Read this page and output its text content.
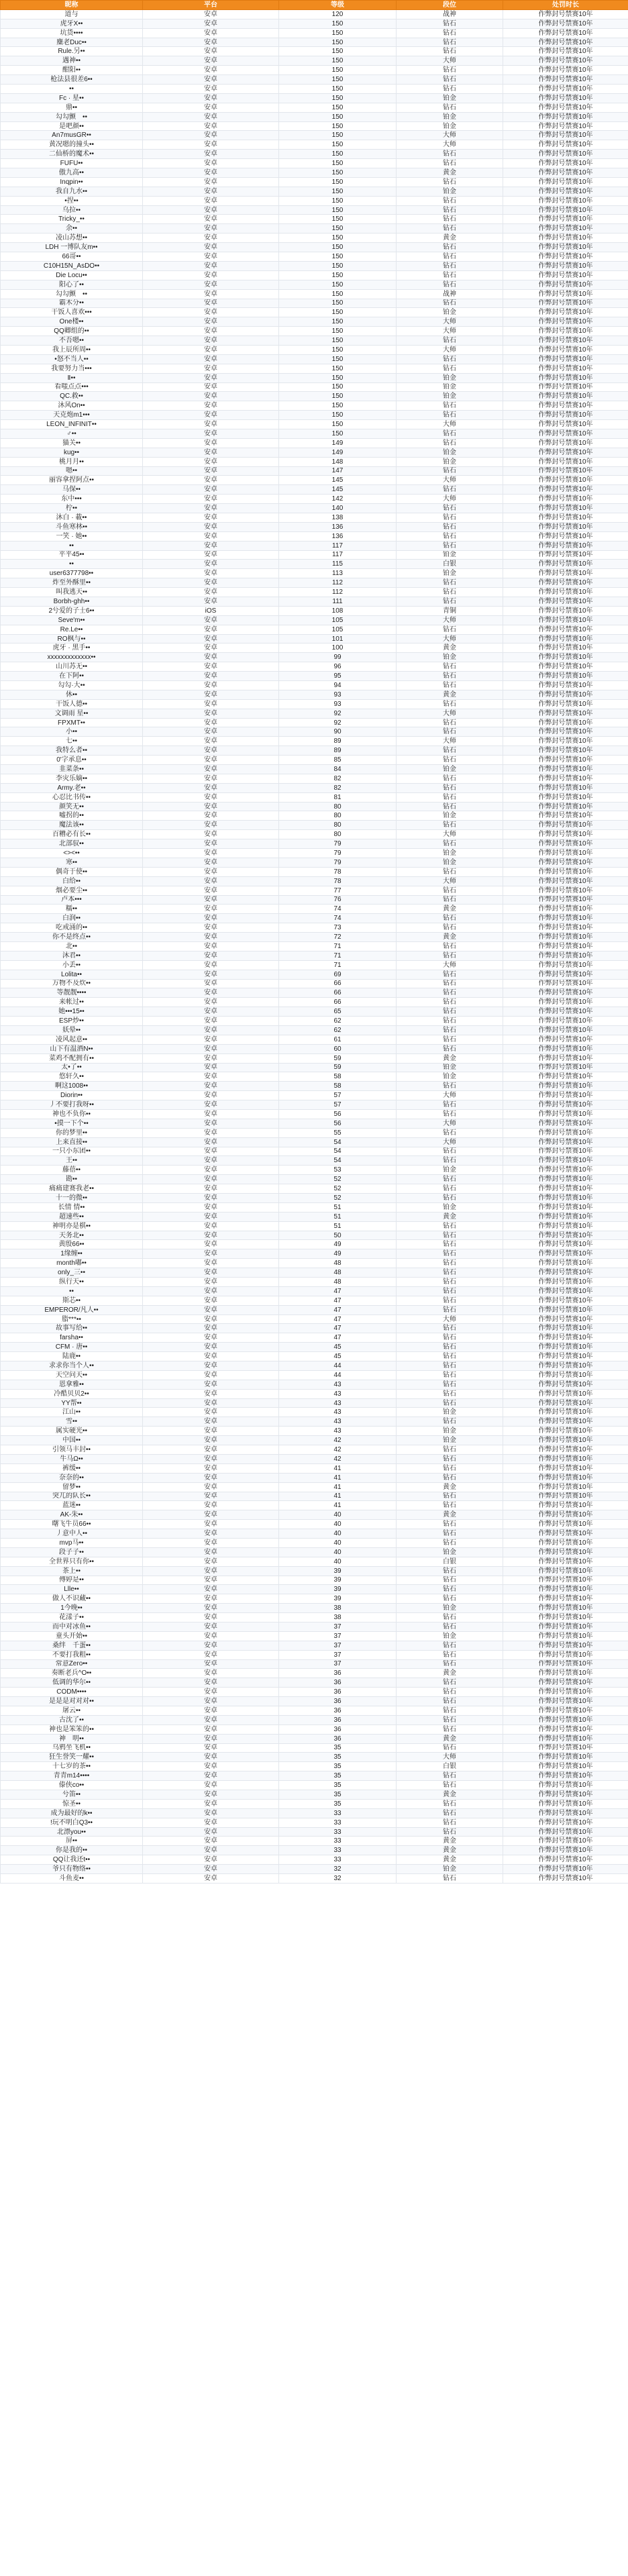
昵称	平台	等级	段位	处罚时长
道与	安卓	120	战神	作弊封号禁赛10年
虎牙X••	安卓	150	钻石	作弊封号禁赛10年
坑货••••	安卓	150	钻石	作弊封号禁赛10年
麋老Duc••	安卓	150	钻石	作弊封号禁赛10年
Rule.另••	安卓	150	钻石	作弊封号禁赛10年
遇神••	安卓	150	大师	作弊封号禁赛10年
酣阳••	安卓	150	钻石	作弊封号禁赛10年
枪法县很差6••	安卓	150	钻石	作弊封号禁赛10年
••	安卓	150	钻石	作弊封号禁赛10年
Fc · 星••	安卓	150	铂金	作弊封号禁赛10年
鼎••	安卓	150	钻石	作弊封号禁赛10年
勾勾颤　••	安卓	150	铂金	作弊封号禁赛10年
是吧颜••	安卓	150	铂金	作弊封号禁赛10年
An7musGR••	安卓	150	大师	作弊封号禁赛10年
黄况嗯的撞头••	安卓	150	大师	作弊封号禁赛10年
二仙桥的魔术••	安卓	150	钻石	作弊封号禁赛10年
FUFU••	安卓	150	钻石	作弊封号禁赛10年
傲九高••	安卓	150	黄金	作弊封号禁赛10年
Inqpin••	安卓	150	钻石	作弊封号禁赛10年
我自九水••	安卓	150	铂金	作弊封号禁赛10年
•捏••	安卓	150	钻石	作弊封号禁赛10年
乌拉••	安卓	150	钻石	作弊封号禁赛10年
Tricky_••	安卓	150	钻石	作弊封号禁赛10年
余••	安卓	150	钻石	作弊封号禁赛10年
凌山苏想••	安卓	150	黄金	作弊封号禁赛10年
LDH 一博队友m••	安卓	150	钻石	作弊封号禁赛10年
66哥••	安卓	150	钻石	作弊封号禁赛10年
C10H15N_AsDO••	安卓	150	钻石	作弊封号禁赛10年
Die Locu••	安卓	150	钻石	作弊封号禁赛10年
阳心了••	安卓	150	钻石	作弊封号禁赛10年
勾勾颤　••	安卓	150	战神	作弊封号禁赛10年
霸木分••	安卓	150	钻石	作弊封号禁赛10年
干饭人喜欢•••	安卓	150	铂金	作弊封号禁赛10年
One楼••	安卓	150	大师	作弊封号禁赛10年
QQ卿组的••	安卓	150	大师	作弊封号禁赛10年
不吾嗯••	安卓	150	钻石	作弊封号禁赛10年
我上辰所周••	安卓	150	大师	作弊封号禁赛10年
•怒不当人••	安卓	150	钻石	作弊封号禁赛10年
我要努力当•••	安卓	150	钻石	作弊封号禁赛10年
Ⅱ••	安卓	150	铂金	作弊封号禁赛10年
看嗤点点•••	安卓	150	铂金	作弊封号禁赛10年
QC.救••	安卓	150	铂金	作弊封号禁赛10年
沐风On••	安卓	150	钻石	作弊封号禁赛10年
天克炮m1•••	安卓	150	钻石	作弊封号禁赛10年
LEON_INFINIT••	安卓	150	大师	作弊封号禁赛10年
♂••	安卓	150	钻石	作弊封号禁赛10年
猫关••	安卓	149	钻石	作弊封号禁赛10年
kug••	安卓	149	铂金	作弊封号禁赛10年
桃月月••	安卓	148	铂金	作弊封号禁赛10年
嗯••	安卓	147	钻石	作弊封号禁赛10年
丽容拿捏阿点••	安卓	145	大师	作弊封号禁赛10年
马保••	安卓	145	钻石	作弊封号禁赛10年
东中•••	安卓	142	大师	作弊封号禁赛10年
柠••	安卓	140	钻石	作弊封号禁赛10年
沐白 · 載••	安卓	138	钻石	作弊封号禁赛10年
斗鱼寒林••	安卓	136	钻石	作弊封号禁赛10年
一笑 · 她••	安卓	136	钻石	作弊封号禁赛10年
••	安卓	117	钻石	作弊封号禁赛10年
平平45••	安卓	117	铂金	作弊封号禁赛10年
••	安卓	115	白银	作弊封号禁赛10年
user6377798••	安卓	113	铂金	作弊封号禁赛10年
炸至外酥里••	安卓	112	钻石	作弊封号禁赛10年
叫我逃天••	安卓	112	钻石	作弊封号禁赛10年
Borbh-ghh••	安卓	111	钻石	作弊封号禁赛10年
2兮爱的子士6••	iOS	108	青铜	作弊封号禁赛10年
Seve'm••	安卓	105	大师	作弊封号禁赛10年
Re.Le••	安卓	105	钻石	作弊封号禁赛10年
RO枫与••	安卓	101	大师	作弊封号禁赛10年
虎牙 · 黑手••	安卓	100	黄金	作弊封号禁赛10年
xxxxxxxxxxxxx••	安卓	99	铂金	作弊封号禁赛10年
山川苏无••	安卓	96	钻石	作弊封号禁赛10年
在下阿••	安卓	95	钻石	作弊封号禁赛10年
勾勾·大••	安卓	94	钻石	作弊封号禁赛10年
休••	安卓	93	黄金	作弊封号禁赛10年
干饭人德••	安卓	93	钻石	作弊封号禁赛10年
文调雨 星••	安卓	92	大师	作弊封号禁赛10年
FPXMT••	安卓	92	钻石	作弊封号禁赛10年
小••	安卓	90	钻石	作弊封号禁赛10年
七••	安卓	89	大师	作弊封号禁赛10年
我特么者••	安卓	89	钻石	作弊封号禁赛10年
0'字承息••	安卓	85	钻石	作弊封号禁赛10年
韭菜条••	安卓	84	铂金	作弊封号禁赛10年
李灾乐嫡••	安卓	82	钻石	作弊封号禁赛10年
Army.老••	安卓	82	钻石	作弊封号禁赛10年
心忍比书传••	安卓	81	钻石	作弊封号禁赛10年
颜笑无••	安卓	80	钻石	作弊封号禁赛10年
嘘拐的••	安卓	80	铂金	作弊封号禁赛10年
魔法该••	安卓	80	钻石	作弊封号禁赛10年
百糟必有长••	安卓	80	大师	作弊封号禁赛10年
北部驭••	安卓	79	钻石	作弊封号禁赛10年
<><••	安卓	79	铂金	作弊封号禁赛10年
寒••	安卓	79	铂金	作弊封号禁赛10年
偶奇于使••	安卓	78	钻石	作弊封号禁赛10年
白给••	安卓	78	大师	作弊封号禁赛10年
烟必要尘••	安卓	77	钻石	作弊封号禁赛10年
卢本•••	安卓	76	钻石	作弊封号禁赛10年
糯••	安卓	74	黄金	作弊封号禁赛10年
白润••	安卓	74	钻石	作弊封号禁赛10年
吃戒涌的••	安卓	73	钻石	作弊封号禁赛10年
你不是终点••	安卓	72	黄金	作弊封号禁赛10年
北••	安卓	71	钻石	作弊封号禁赛10年
沐君••	安卓	71	钻石	作弊封号禁赛10年
小丢••	安卓	71	大师	作弊封号禁赛10年
Lolita••	安卓	69	钻石	作弊封号禁赛10年
万物不及炊••	安卓	66	钻石	作弊封号禁赛10年
等靓靓••••	安卓	66	钻石	作弊封号禁赛10年
来帐过••	安卓	66	钻石	作弊封号禁赛10年
她•••15••	安卓	65	钻石	作弊封号禁赛10年
ESP炒••	安卓	62	钻石	作弊封号禁赛10年
妖晕••	安卓	62	钻石	作弊封号禁赛10年
凌风起意••	安卓	61	钻石	作弊封号禁赛10年
山下有温酒N••	安卓	60	钻石	作弊封号禁赛10年
菜鸡不配拥有••	安卓	59	黄金	作弊封号禁赛10年
太•了••	安卓	59	铂金	作弊封号禁赛10年
悠轩久••	安卓	58	铂金	作弊封号禁赛10年
啊这1008••	安卓	58	钻石	作弊封号禁赛10年
Diorin••	安卓	57	大师	作弊封号禁赛10年
丿不要打我呀••	安卓	57	钻石	作弊封号禁赛10年
神也不负你••	安卓	56	钻石	作弊封号禁赛10年
•摸一下个••	安卓	56	大师	作弊封号禁赛10年
你的梦里••	安卓	55	钻石	作弊封号禁赛10年
上来直接••	安卓	54	大师	作弊封号禁赛10年
一只小东团••	安卓	54	钻石	作弊封号禁赛10年
王••	安卓	54	钻石	作弊封号禁赛10年
藤蓓••	安卓	53	铂金	作弊封号禁赛10年
勘••	安卓	52	钻石	作弊封号禁赛10年
痛痛建赛我老••	安卓	52	钻石	作弊封号禁赛10年
十一的微••	安卓	52	钻石	作弊封号禁赛10年
长情 情••	安卓	51	铂金	作弊封号禁赛10年
超速些••	安卓	51	黄金	作弊封号禁赛10年
神明亦是棋••	安卓	51	钻石	作弊封号禁赛10年
天务北••	安卓	50	钻石	作弊封号禁赛10年
黄殷66••	安卓	49	钻石	作弊封号禁赛10年
1缘缠••	安卓	49	钻石	作弊封号禁赛10年
month嘟••	安卓	48	钻石	作弊封号禁赛10年
only_三••	安卓	48	钻石	作弊封号禁赛10年
纵行天••	安卓	48	钻石	作弊封号禁赛10年
••	安卓	47	钻石	作弊封号禁赛10年
斯芯••	安卓	47	钻石	作弊封号禁赛10年
EMPEROR/凡人••	安卓	47	钻石	作弊封号禁赛10年
脂***••	安卓	47	大师	作弊封号禁赛10年
故事写给••	安卓	47	钻石	作弊封号禁赛10年
farsha••	安卓	47	钻石	作弊封号禁赛10年
CFM · 唐••	安卓	45	钻石	作弊封号禁赛10年
陆鹿••	安卓	45	钻石	作弊封号禁赛10年
求求你当个人••	安卓	44	钻石	作弊封号禁赛10年
天空问天••	安卓	44	钻石	作弊封号禁赛10年
恩拿雅••	安卓	43	钻石	作弊封号禁赛10年
冷酷贝贝2••	安卓	43	钻石	作弊封号禁赛10年
YY帮••	安卓	43	钻石	作弊封号禁赛10年
江山••	安卓	43	铂金	作弊封号禁赛10年
雪••	安卓	43	钻石	作弊封号禁赛10年
属实硬光••	安卓	43	铂金	作弊封号禁赛10年
中国••	安卓	42	铂金	作弊封号禁赛10年
引领马丰封••	安卓	42	钻石	作弊封号禁赛10年
牛马Ω••	安卓	42	钻石	作弊封号禁赛10年
裤缓••	安卓	41	钻石	作弊封号禁赛10年
奈奈的••	安卓	41	钻石	作弊封号禁赛10年
留梦••	安卓	41	黄金	作弊封号禁赛10年
突兀的队长••	安卓	41	钻石	作弊封号禁赛10年
蓝迷••	安卓	41	钻石	作弊封号禁赛10年
AK-朱••	安卓	40	黄金	作弊封号禁赛10年
曙飞牛员66••	安卓	40	钻石	作弊封号禁赛10年
丿意中人••	安卓	40	钻石	作弊封号禁赛10年
mvp马••	安卓	40	钻石	作弊封号禁赛10年
段子子••	安卓	40	铂金	作弊封号禁赛10年
全世界只有你••	安卓	40	白银	作弊封号禁赛10年
茶上••	安卓	39	钻石	作弊封号禁赛10年
傅婷是••	安卓	39	钻石	作弊封号禁赛10年
Llle••	安卓	39	钻石	作弊封号禁赛10年
做人不识藏••	安卓	39	钻石	作弊封号禁赛10年
1今晚••	安卓	38	铂金	作弊封号禁赛10年
花漾子••	安卓	38	钻石	作弊封号禁赛10年
而中对冰鱼••	安卓	37	钻石	作弊封号禁赛10年
童头开始••	安卓	37	铂金	作弊封号禁赛10年
桑绊　千蛋••	安卓	37	钻石	作弊封号禁赛10年
不要打我粗••	安卓	37	钻石	作弊封号禁赛10年
常意Zero••	安卓	37	钻石	作弊封号禁赛10年
奏断老兵^O••	安卓	36	黄金	作弊封号禁赛10年
低调的华尔••	安卓	36	钻石	作弊封号禁赛10年
CODM••••	安卓	36	钻石	作弊封号禁赛10年
是是是对对对••	安卓	36	钻石	作弊封号禁赛10年
屠云••	安卓	36	钻石	作弊封号禁赛10年
古沈了••	安卓	36	钻石	作弊封号禁赛10年
神也是笨笨的••	安卓	36	钻石	作弊封号禁赛10年
神　明••	安卓	36	黄金	作弊封号禁赛10年
乌鸦坐飞机••	安卓	35	钻石	作弊封号禁赛10年
狂生誉笑一耀••	安卓	35	大师	作弊封号禁赛10年
十七岁的茶••	安卓	35	白银	作弊封号禁赛10年
青青m14••••	安卓	35	钻石	作弊封号禁赛10年
傣侠co••	安卓	35	钻石	作弊封号禁赛10年
兮笛••	安卓	35	黄金	作弊封号禁赛10年
惊圣••	安卓	35	钻石	作弊封号禁赛10年
成为最好的k••	安卓	33	钻石	作弊封号禁赛10年
!玩不明白Q3••	安卓	33	钻石	作弊封号禁赛10年
北漂you••	安卓	33	钻石	作弊封号禁赛10年
屏••	安卓	33	黄金	作弊封号禁赛10年
你是我的••	安卓	33	黄金	作弊封号禁赛10年
QQ让我还t••	安卓	33	黄金	作弊封号禁赛10年
爷只有物络••	安卓	32	铂金	作弊封号禁赛10年
斗鱼麦••	安卓	32	钻石	作弊封号禁赛10年
